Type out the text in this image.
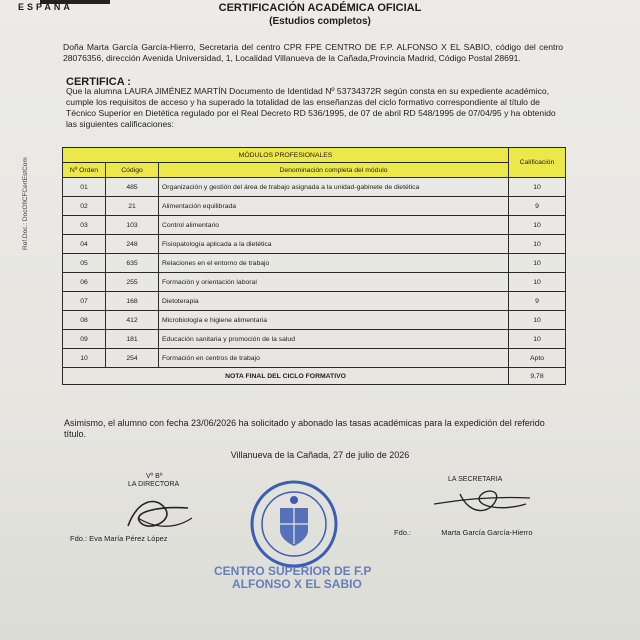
ESPAÑA	CERTIFICACIÓN ACADÉMICA OFICIAL
(Estudios completos)
Ref.Doc.: DocOfiCFCertEstCom
Doña Marta García García-Hierro, Secretaria del centro CPR FPE CENTRO DE F.P. ALFONSO X EL SABIO, código del centro 28076356, dirección Avenida Universidad, 1, Localidad Villanueva de la Cañada,Provincia Madrid, Código Postal 28691.
CERTIFICA :
Que la alumna LAURA JIMÉNEZ MARTÍN Documento de Identidad Nº 53734372R según consta en su expediente académico, cumple los requisitos de acceso y ha superado la totalidad de las enseñanzas del ciclo formativo correspondiente al título de Técnico Superior en Dietética regulado por el Real Decreto RD 536/1995, de 07 de abril RD 548/1995 de 07/04/95 y ha obtenido las siguientes calificaciones:
MÓDULOS PROFESIONALES			Calificación
Nº Orden	Código	Denominación completa del módulo	
01	485	Organización y gestión del área de trabajo asignada a la unidad-gabinete de dietética	10
02	21	Alimentación equilibrada	9
03	103	Control alimentario	10
04	248	Fisiopatología aplicada a la dietética	10
05	635	Relaciones en el entorno de trabajo	10
06	255	Formación y orientación laboral	10
07	168	Dietoterapia	9
08	412	Microbiología e higiene alimentaria	10
09	181	Educación sanitaria y promoción de la salud	10
10	254	Formación en centros de trabajo	Apto
NOTA FINAL DEL CICLO FORMATIVO			9,78
Asimismo, el alumno con fecha 23/06/2026 ha solicitado y abonado las tasas académicas para la expedición del referido título.
Villanueva de la Cañada, 27 de julio de 2026
Vº Bº
LA DIRECTORA
LA SECRETARIA
Fdo.: Eva María Pérez López
Fdo.:	Marta García García-Hierro
CENTRO SUPERIOR DE F.P
ALFONSO X EL SABIO
